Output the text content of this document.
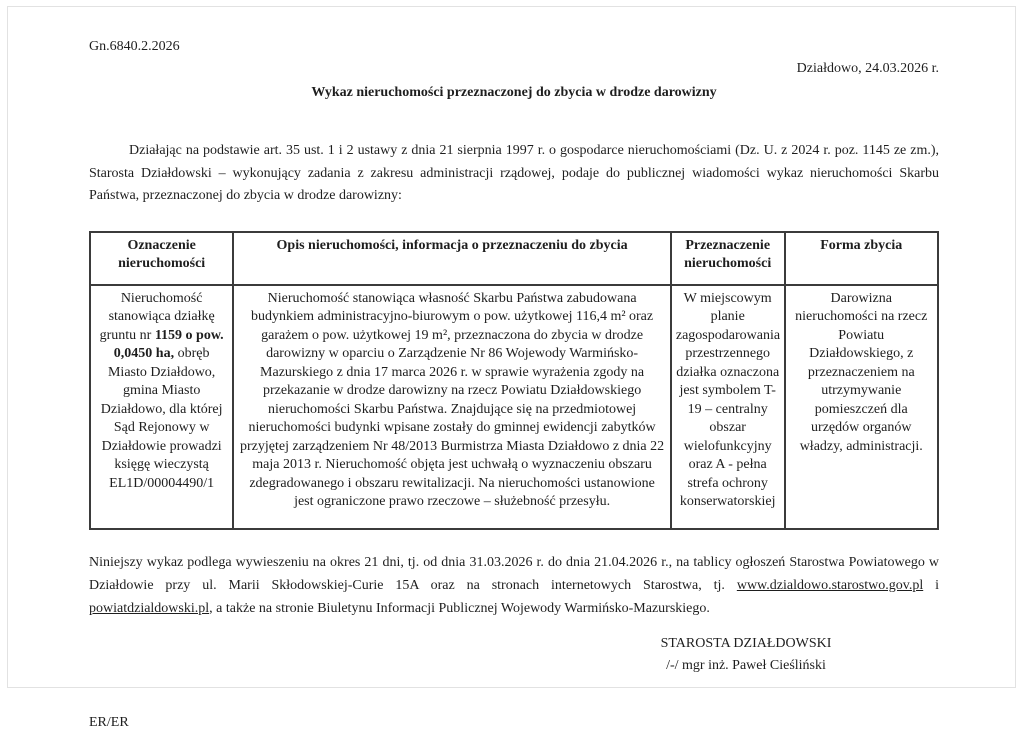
Gn.6840.2.2026
Działdowo, 24.03.2026 r.
Wykaz nieruchomości przeznaczonej do zbycia w drodze darowizny

Działając na podstawie art. 35 ust. 1 i 2 ustawy z dnia 21 sierpnia 1997 r. o gospodarce nieruchomościami (Dz. U. z 2024 r. poz. 1145 ze zm.), Starosta Działdowski – wykonujący zadania z zakresu administracji rządowej, podaje do publicznej wiadomości wykaz nieruchomości Skarbu Państwa, przeznaczonej do zbycia w drodze darowizny:

Oznaczenie nieruchomości	Opis nieruchomości, informacja o przeznaczeniu do zbycia	Przeznaczenie nieruchomości	Forma zbycia
Nieruchomość stanowiąca działkę gruntu nr 1159 o pow. 0,0450 ha, obręb Miasto Działdowo, gmina Miasto Działdowo, dla której Sąd Rejonowy w Działdowie prowadzi księgę wieczystą EL1D/00004490/1	Nieruchomość stanowiąca własność Skarbu Państwa zabudowana budynkiem administracyjno-biurowym o pow. użytkowej 116,4 m² oraz garażem o pow. użytkowej 19 m², przeznaczona do zbycia w drodze darowizny w oparciu o Zarządzenie Nr 86 Wojewody Warmińsko-Mazurskiego z dnia 17 marca 2026 r. w sprawie wyrażenia zgody na przekazanie w drodze darowizny na rzecz Powiatu Działdowskiego nieruchomości Skarbu Państwa. Znajdujące się na przedmiotowej nieruchomości budynki wpisane zostały do gminnej ewidencji zabytków przyjętej zarządzeniem Nr 48/2013 Burmistrza Miasta Działdowo z dnia 22 maja 2013 r. Nieruchomość objęta jest uchwałą o wyznaczeniu obszaru zdegradowanego i obszaru rewitalizacji. Na nieruchomości ustanowione jest ograniczone prawo rzeczowe – służebność przesyłu.	W miejscowym planie zagospodarowania przestrzennego działka oznaczona jest symbolem T-19 – centralny obszar wielofunkcyjny oraz A - pełna strefa ochrony konserwatorskiej	Darowizna nieruchomości na rzecz Powiatu Działdowskiego, z przeznaczeniem na utrzymywanie pomieszczeń dla urzędów organów władzy, administracji.

Niniejszy wykaz podlega wywieszeniu na okres 21 dni, tj. od dnia 31.03.2026 r. do dnia 21.04.2026 r., na tablicy ogłoszeń Starostwa Powiatowego w Działdowie przy ul. Marii Skłodowskiej-Curie 15A oraz na stronach internetowych Starostwa, tj. www.dzialdowo.starostwo.gov.pl i powiatdzialdowski.pl, a także na stronie Biuletynu Informacji Publicznej Wojewody Warmińsko-Mazurskiego.

STAROSTA DZIAŁDOWSKI
/-/ mgr inż. Paweł Cieśliński
ER/ER
